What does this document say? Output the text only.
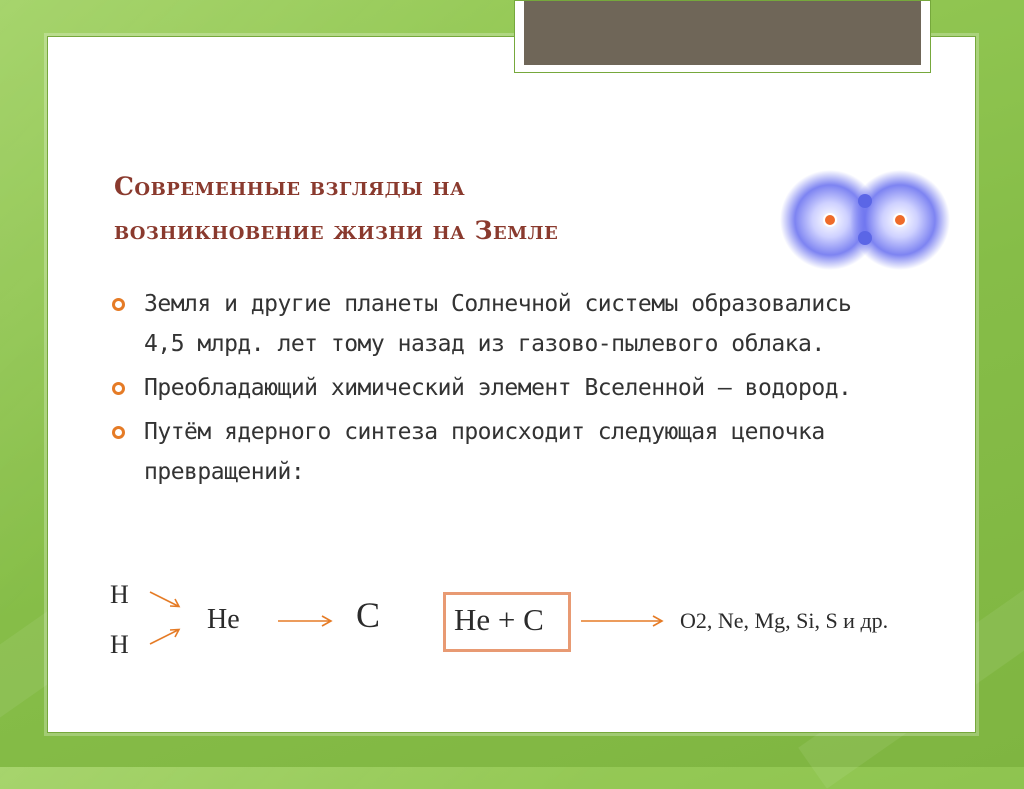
Современные взгляды на
возникновение жизни на Земле
Земля и другие планеты Солнечной системы образовались 4,5 млрд. лет тому назад из газово-пылевого облака.
Преобладающий химический элемент Вселенной – водород.
Путём ядерного синтеза происходит следующая цепочка превращений:
H
H
He	C He + C	O2, Ne, Mg, Si, S и др.
